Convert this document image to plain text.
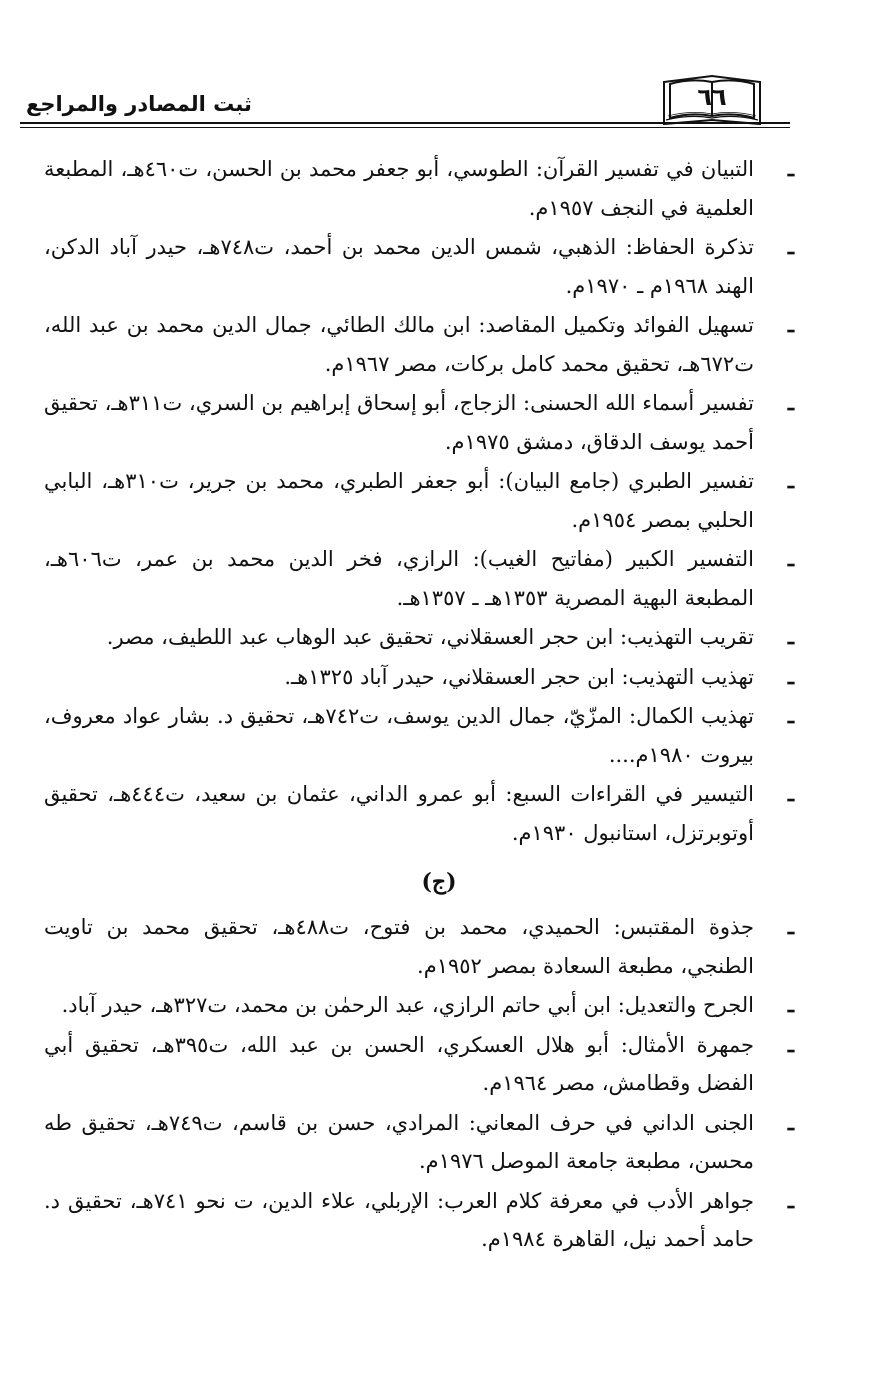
ثبت المصادر والمراجع	٦٦
ـ
التبيان في تفسير القرآن: الطوسي، أبو جعفر محمد بن الحسن، ت٤٦٠هـ، المطبعة العلمية في النجف ١٩٥٧م.
ـ
تذكرة الحفاظ: الذهبي، شمس الدين محمد بن أحمد، ت٧٤٨هـ، حيدر آباد الدكن، الهند ١٩٦٨م ـ ١٩٧٠م.
ـ
تسهيل الفوائد وتكميل المقاصد: ابن مالك الطائي، جمال الدين محمد بن عبد الله، ت٦٧٢هـ، تحقيق محمد كامل بركات، مصر ١٩٦٧م.
ـ
تفسير أسماء الله الحسنى: الزجاج، أبو إسحاق إبراهيم بن السري، ت٣١١هـ، تحقيق أحمد يوسف الدقاق، دمشق ١٩٧٥م.
ـ
تفسير الطبري (جامع البيان): أبو جعفر الطبري، محمد بن جرير، ت٣١٠هـ، البابي الحلبي بمصر ١٩٥٤م.
ـ
التفسير الكبير (مفاتيح الغيب): الرازي، فخر الدين محمد بن عمر، ت٦٠٦هـ، المطبعة البهية المصرية ١٣٥٣هـ ـ ١٣٥٧هـ.
ـ
تقريب التهذيب: ابن حجر العسقلاني، تحقيق عبد الوهاب عبد اللطيف، مصر.
ـ
تهذيب التهذيب: ابن حجر العسقلاني، حيدر آباد ١٣٢٥هـ.
ـ
تهذيب الكمال: المزّيّ، جمال الدين يوسف، ت٧٤٢هـ، تحقيق د. بشار عواد معروف، بيروت ١٩٨٠م....
ـ
التيسير في القراءات السبع: أبو عمرو الداني، عثمان بن سعيد، ت٤٤٤هـ، تحقيق أوتوبرتزل، استانبول ١٩٣٠م.
(ج)
ـ
جذوة المقتبس: الحميدي، محمد بن فتوح، ت٤٨٨هـ، تحقيق محمد بن تاويت الطنجي، مطبعة السعادة بمصر ١٩٥٢م.
ـ
الجرح والتعديل: ابن أبي حاتم الرازي، عبد الرحمٰن بن محمد، ت٣٢٧هـ، حيدر آباد.
ـ
جمهرة الأمثال: أبو هلال العسكري، الحسن بن عبد الله، ت٣٩٥هـ، تحقيق أبي الفضل وقطامش، مصر ١٩٦٤م.
ـ
الجنى الداني في حرف المعاني: المرادي، حسن بن قاسم، ت٧٤٩هـ، تحقيق طه محسن، مطبعة جامعة الموصل ١٩٧٦م.
ـ
جواهر الأدب في معرفة كلام العرب: الإربلي، علاء الدين، ت نحو ٧٤١هـ، تحقيق د. حامد أحمد نيل، القاهرة ١٩٨٤م.
